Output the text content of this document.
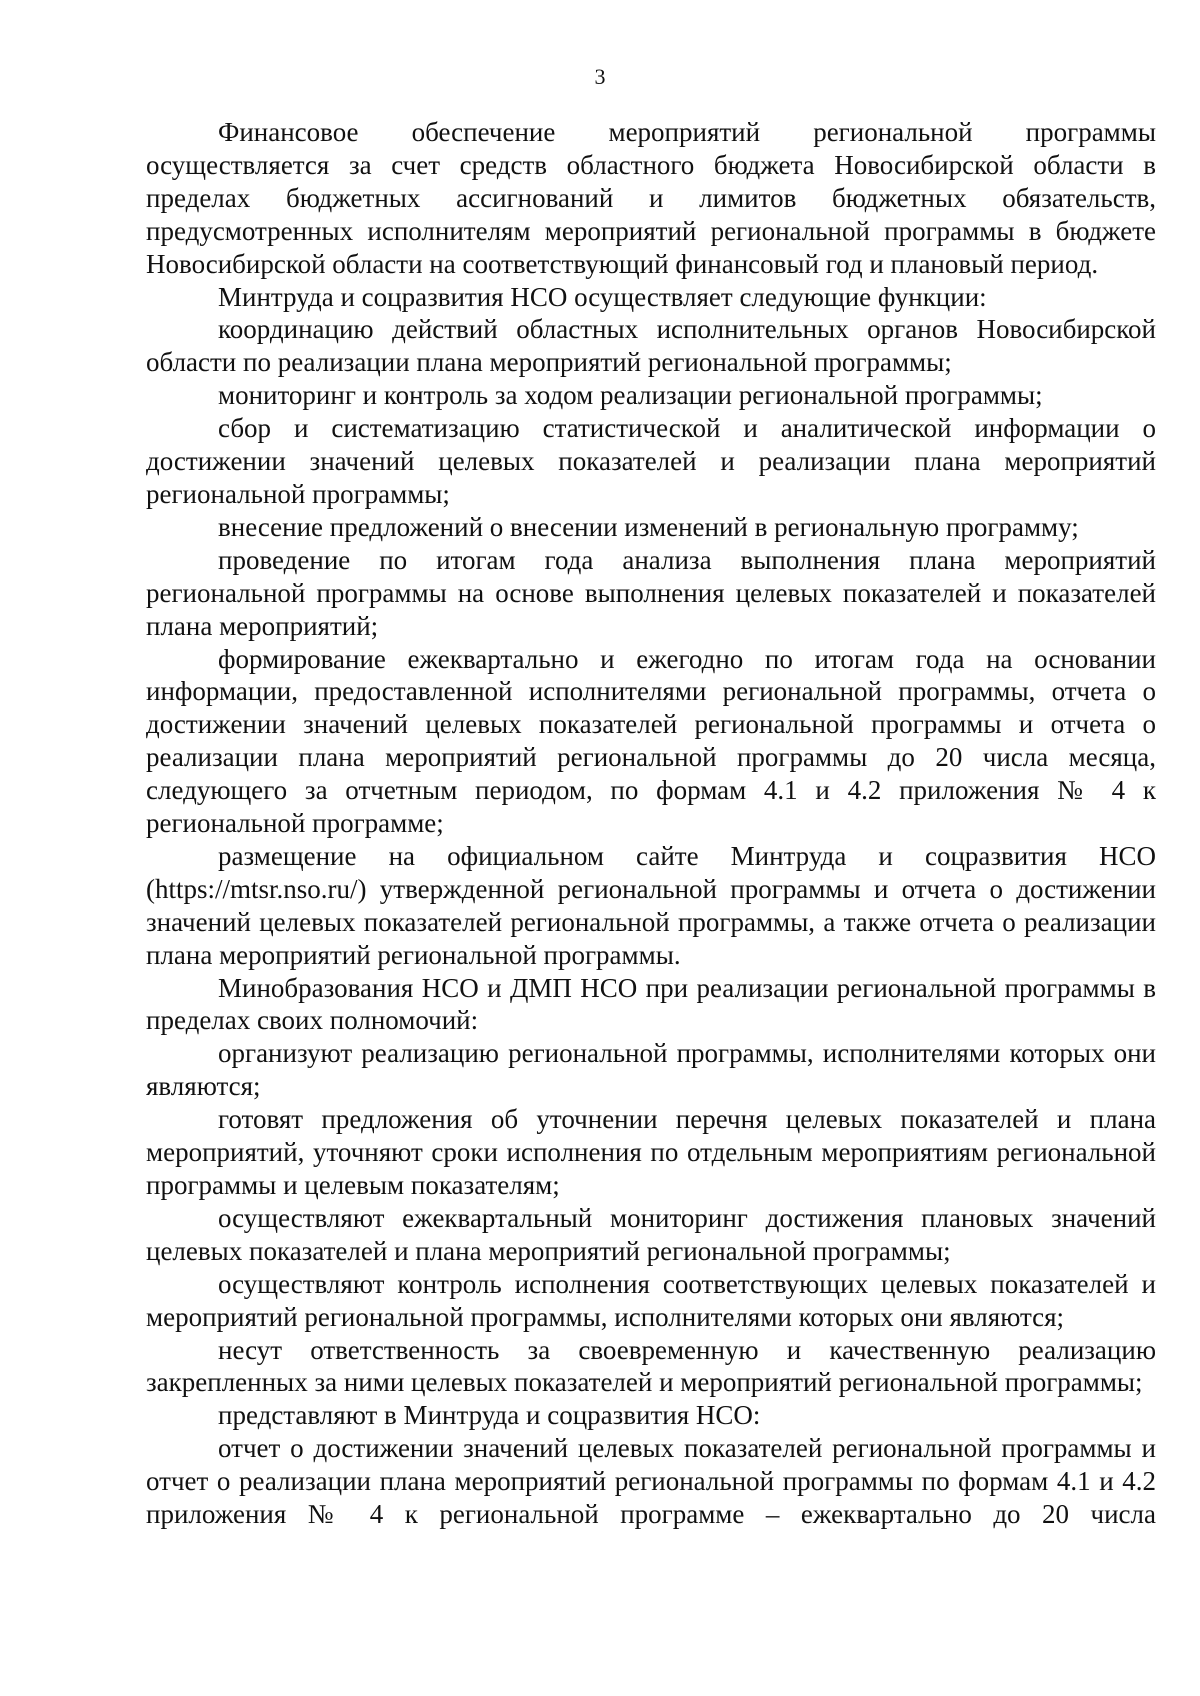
3

Финансовое обеспечение мероприятий региональной программы осуществляется за счет средств областного бюджета Новосибирской области в пределах бюджетных ассигнований и лимитов бюджетных обязательств, предусмотренных исполнителям мероприятий региональной программы в бюджете Новосибирской области на соответствующий финансовый год и плановый период.

Минтруда и соцразвития НСО осуществляет следующие функции:

координацию действий областных исполнительных органов Новосибирской области по реализации плана мероприятий региональной программы;

мониторинг и контроль за ходом реализации региональной программы;

сбор и систематизацию статистической и аналитической информации о достижении значений целевых показателей и реализации плана мероприятий региональной программы;

внесение предложений о внесении изменений в региональную программу;

проведение по итогам года анализа выполнения плана мероприятий региональной программы на основе выполнения целевых показателей и показателей плана мероприятий;

формирование ежеквартально и ежегодно по итогам года на основании информации, предоставленной исполнителями региональной программы, отчета о достижении значений целевых показателей региональной программы и отчета о реализации плана мероприятий региональной программы до 20 числа месяца, следующего за отчетным периодом, по формам 4.1 и 4.2 приложения № 4 к региональной программе;

размещение на официальном сайте Минтруда и соцразвития НСО (https://mtsr.nso.ru/) утвержденной региональной программы и отчета о достижении значений целевых показателей региональной программы, а также отчета о реализации плана мероприятий региональной программы.

Минобразования НСО и ДМП НСО при реализации региональной программы в пределах своих полномочий:

организуют реализацию региональной программы, исполнителями которых они являются;

готовят предложения об уточнении перечня целевых показателей и плана мероприятий, уточняют сроки исполнения по отдельным мероприятиям региональной программы и целевым показателям;

осуществляют ежеквартальный мониторинг достижения плановых значений целевых показателей и плана мероприятий региональной программы;

осуществляют контроль исполнения соответствующих целевых показателей и мероприятий региональной программы, исполнителями которых они являются;

несут ответственность за своевременную и качественную реализацию закрепленных за ними целевых показателей и мероприятий региональной программы;

представляют в Минтруда и соцразвития НСО:

отчет о достижении значений целевых показателей региональной программы и отчет о реализации плана мероприятий региональной программы по формам 4.1 и 4.2 приложения № 4 к региональной программе – ежеквартально до 20 числа
